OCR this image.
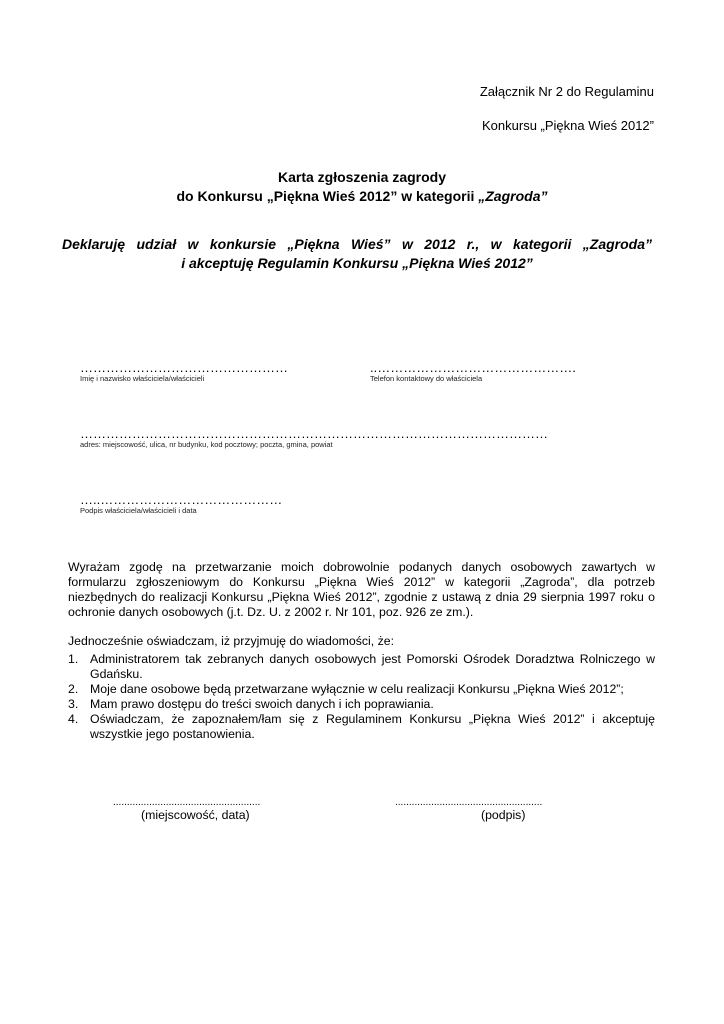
Załącznik Nr 2 do Regulaminu
Konkursu „Piękna Wieś 2012”
Karta zgłoszenia zagrody
do Konkursu „Piękna Wieś 2012” w kategorii „Zagroda”
Deklaruję udział w konkursie „Piękna Wieś” w 2012 r., w kategorii „Zagroda”
i akceptuję Regulamin Konkursu „Piękna Wieś 2012”
…………………………………………
Imię i nazwisko właściciela/właścicieli
..……………………………………….
Telefon kontaktowy do właściciela
………………………………………………………………………………………………
adres: miejscowość, ulica, nr budynku, kod pocztowy; poczta, gmina, powiat
…..……………………………………
Podpis właściciela/właścicieli i data
Wyrażam zgodę na przetwarzanie moich dobrowolnie podanych danych osobowych zawartych w formularzu zgłoszeniowym do Konkursu „Piękna Wieś 2012” w kategorii „Zagroda”, dla potrzeb niezbędnych do realizacji Konkursu „Piękna Wieś 2012”, zgodnie z ustawą z dnia 29 sierpnia 1997 roku o ochronie danych osobowych (j.t. Dz. U. z 2002 r. Nr 101, poz. 926 ze zm.).
Jednocześnie oświadczam, iż przyjmuję do wiadomości, że:
1. Administratorem tak zebranych danych osobowych jest Pomorski Ośrodek Doradztwa Rolniczego w Gdańsku.
2. Moje dane osobowe będą przetwarzane wyłącznie w celu realizacji Konkursu „Piękna Wieś 2012”;
3. Mam prawo dostępu do treści swoich danych i ich poprawiania.
4. Oświadczam, że zapoznałem/łam się z Regulaminem Konkursu „Piękna Wieś 2012” i akceptuję wszystkie jego postanowienia.
.....................................................
(miejscowość, data)
.....................................................
(podpis)
